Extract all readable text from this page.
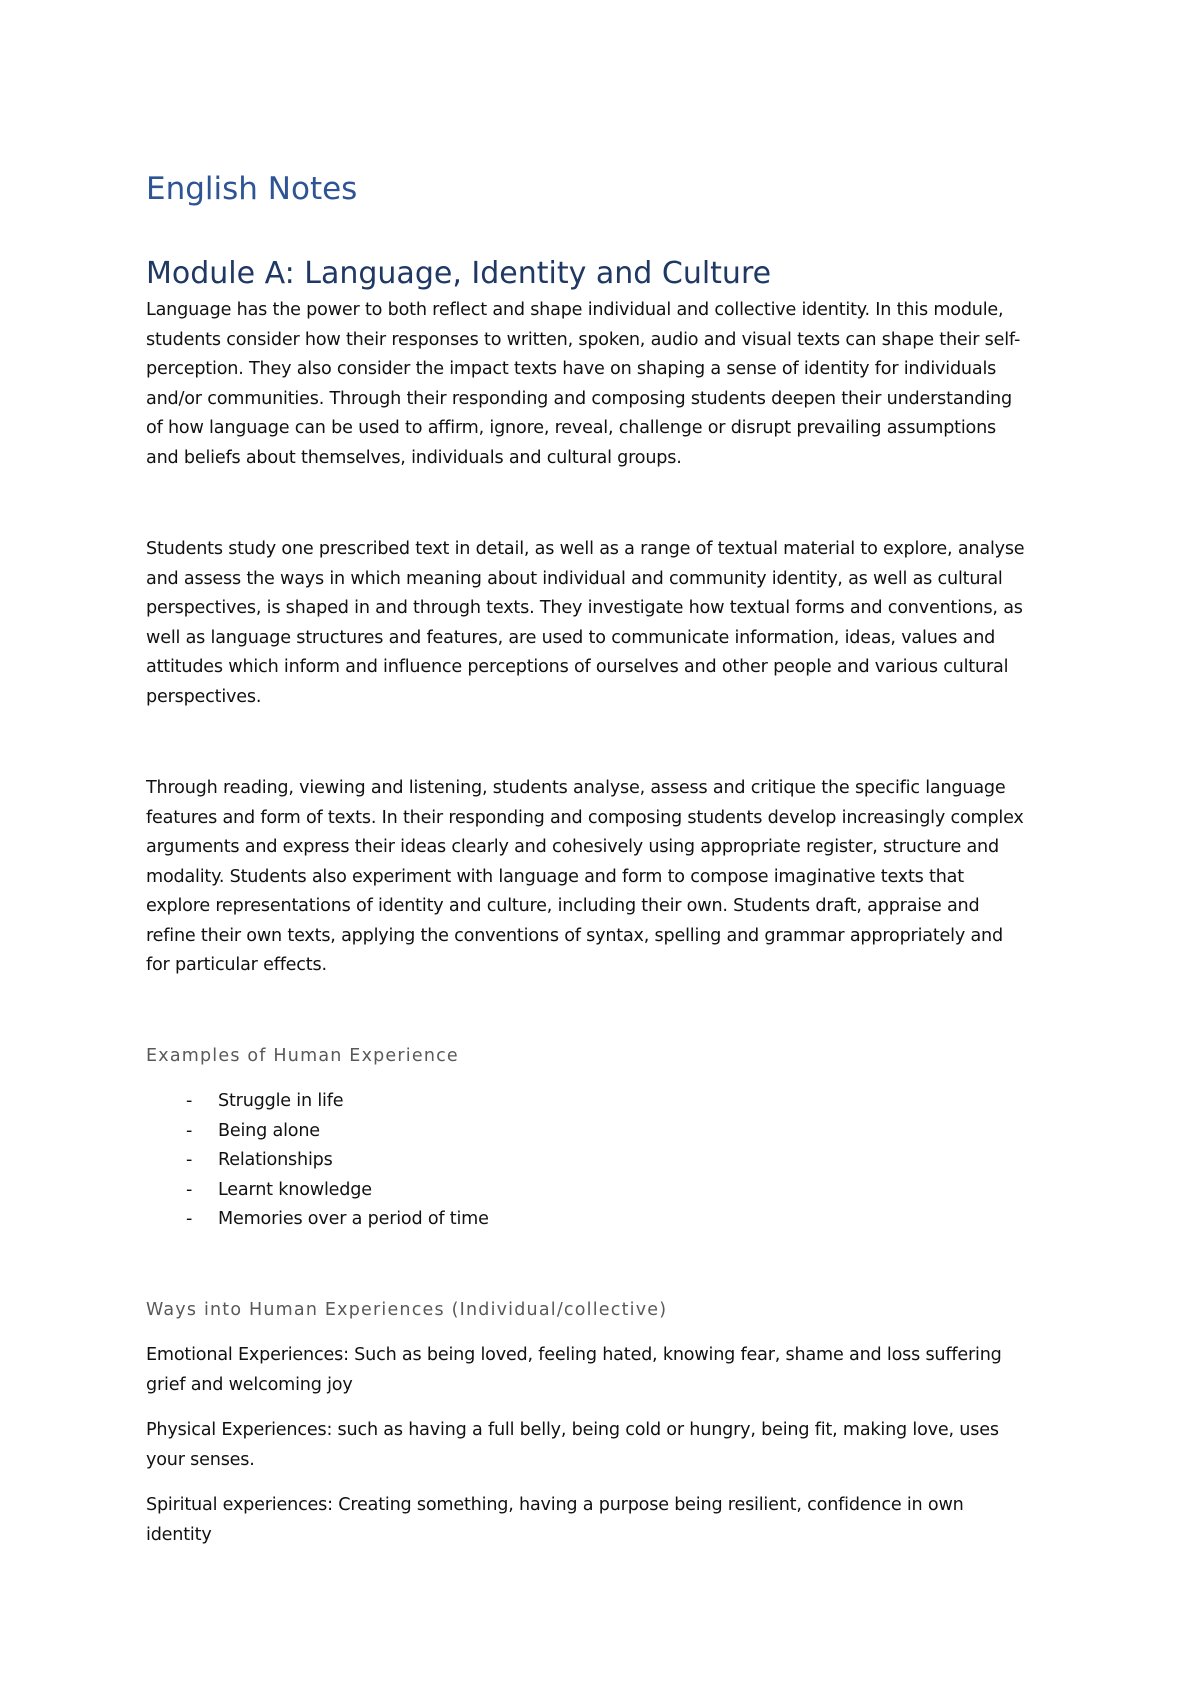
English Notes
Module A: Language, Identity and Culture

Language has the power to both reflect and shape individual and collective identity. In this module,
students consider how their responses to written, spoken, audio and visual texts can shape their self-
perception. They also consider the impact texts have on shaping a sense of identity for individuals
and/or communities. Through their responding and composing students deepen their understanding
of how language can be used to affirm, ignore, reveal, challenge or disrupt prevailing assumptions
and beliefs about themselves, individuals and cultural groups.

Students study one prescribed text in detail, as well as a range of textual material to explore, analyse
and assess the ways in which meaning about individual and community identity, as well as cultural
perspectives, is shaped in and through texts. They investigate how textual forms and conventions, as
well as language structures and features, are used to communicate information, ideas, values and
attitudes which inform and influence perceptions of ourselves and other people and various cultural
perspectives.

Through reading, viewing and listening, students analyse, assess and critique the specific language
features and form of texts. In their responding and composing students develop increasingly complex
arguments and express their ideas clearly and cohesively using appropriate register, structure and
modality. Students also experiment with language and form to compose imaginative texts that
explore representations of identity and culture, including their own. Students draft, appraise and
refine their own texts, applying the conventions of syntax, spelling and grammar appropriately and
for particular effects.

Examples of Human Experience
- Struggle in life
- Being alone
- Relationships
- Learnt knowledge
- Memories over a period of time
Ways into Human Experiences (Individual/collective)

Emotional Experiences: Such as being loved, feeling hated, knowing fear, shame and loss suffering
grief and welcoming joy

Physical Experiences: such as having a full belly, being cold or hungry, being fit, making love, uses
your senses.

Spiritual experiences: Creating something, having a purpose being resilient, confidence in own
identity
